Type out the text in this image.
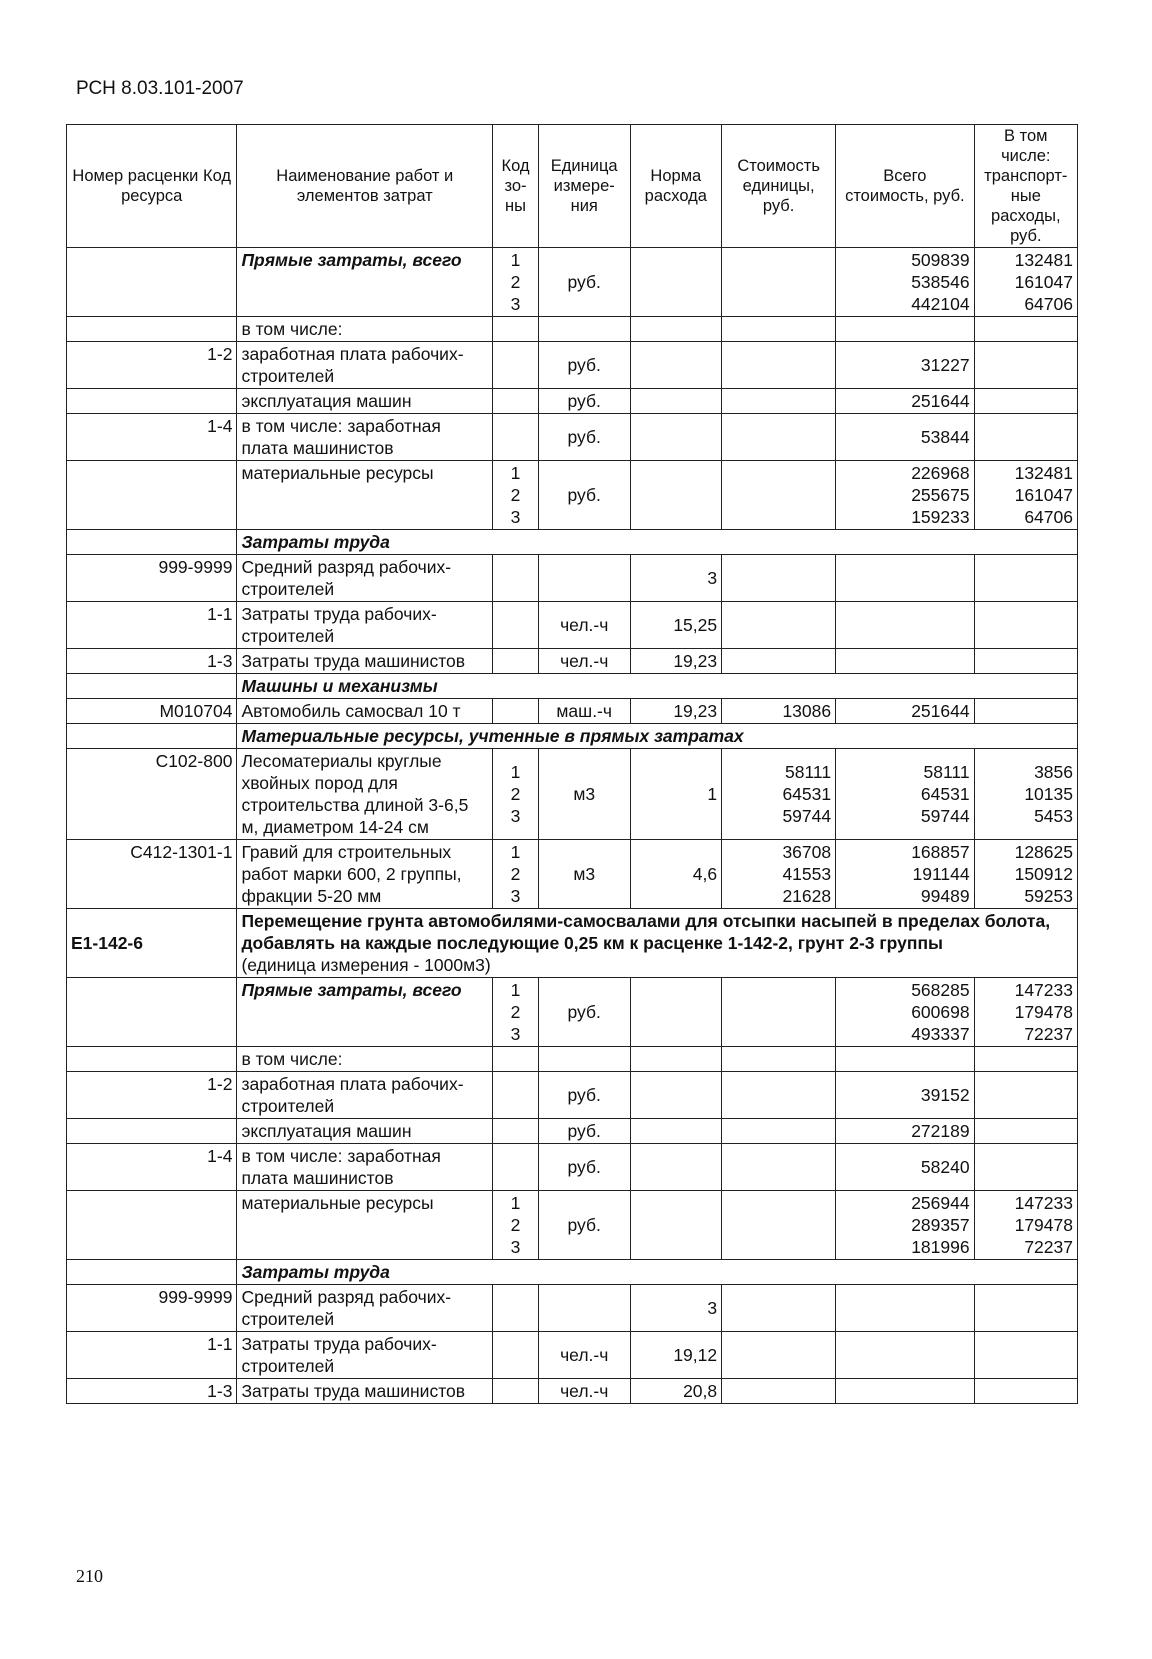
РСН 8.03.101-2007
Номер расценки Код ресурса	Наименование работ и элементов затрат	Код зо-ны	Единица измере-ния	Норма расхода	Стоимость единицы, руб.	Всего стоимость, руб.	В том числе: транспорт-ные расходы, руб.
	Прямые затраты, всего	1
2
3	руб.			509839
538546
442104	132481
161047
64706

	в том числе:						
1-2	заработная плата рабочих-строителей		руб.			31227	
	эксплуатация машин		руб.			251644	
1-4	в том числе: заработная плата машинистов		руб.			53844	
	материальные ресурсы	1
2
3	руб.			226968
255675
159233	132481
161047
64706

	Затраты труда						
999-9999	Средний разряд рабочих-строителей			3			
1-1	Затраты труда рабочих-строителей		чел.-ч	15,25			
1-3	Затраты труда машинистов		чел.-ч	19,23			
	Машины и механизмы						
М010704	Автомобиль самосвал 10 т		маш.-ч	19,23	13086	251644	
	Материальные ресурсы, учтенные в прямых затратах						
С102-800	Лесоматериалы круглые хвойных пород для строительства длиной 3-6,5 м, диаметром 14-24 см	1
2
3	м3	1	58111
64531
59744	58111
64531
59744	3856
10135
5453

С412-1301-1	Гравий для строительных работ марки 600, 2 группы, фракции 5-20 мм	1
2
3	м3	4,6	36708
41553
21628	168857
191144
99489	128625
150912
59253

Е1-142-6	Перемещение грунта автомобилями-самосвалами для отсыпки насыпей в пределах болота, добавлять на каждые последующие 0,25 км к расценке 1-142-2, грунт 2-3 группы
(единица измерения - 1000м3)						

	Прямые затраты, всего	1
2
3	руб.			568285
600698
493337	147233
179478
72237

	в том числе:						
1-2	заработная плата рабочих-строителей		руб.			39152	
	эксплуатация машин		руб.			272189	
1-4	в том числе: заработная плата машинистов		руб.			58240	
	материальные ресурсы	1
2
3	руб.			256944
289357
181996	147233
179478
72237

	Затраты труда						
999-9999	Средний разряд рабочих-строителей			3			
1-1	Затраты труда рабочих-строителей		чел.-ч	19,12			
1-3	Затраты труда машинистов		чел.-ч	20,8			
210
